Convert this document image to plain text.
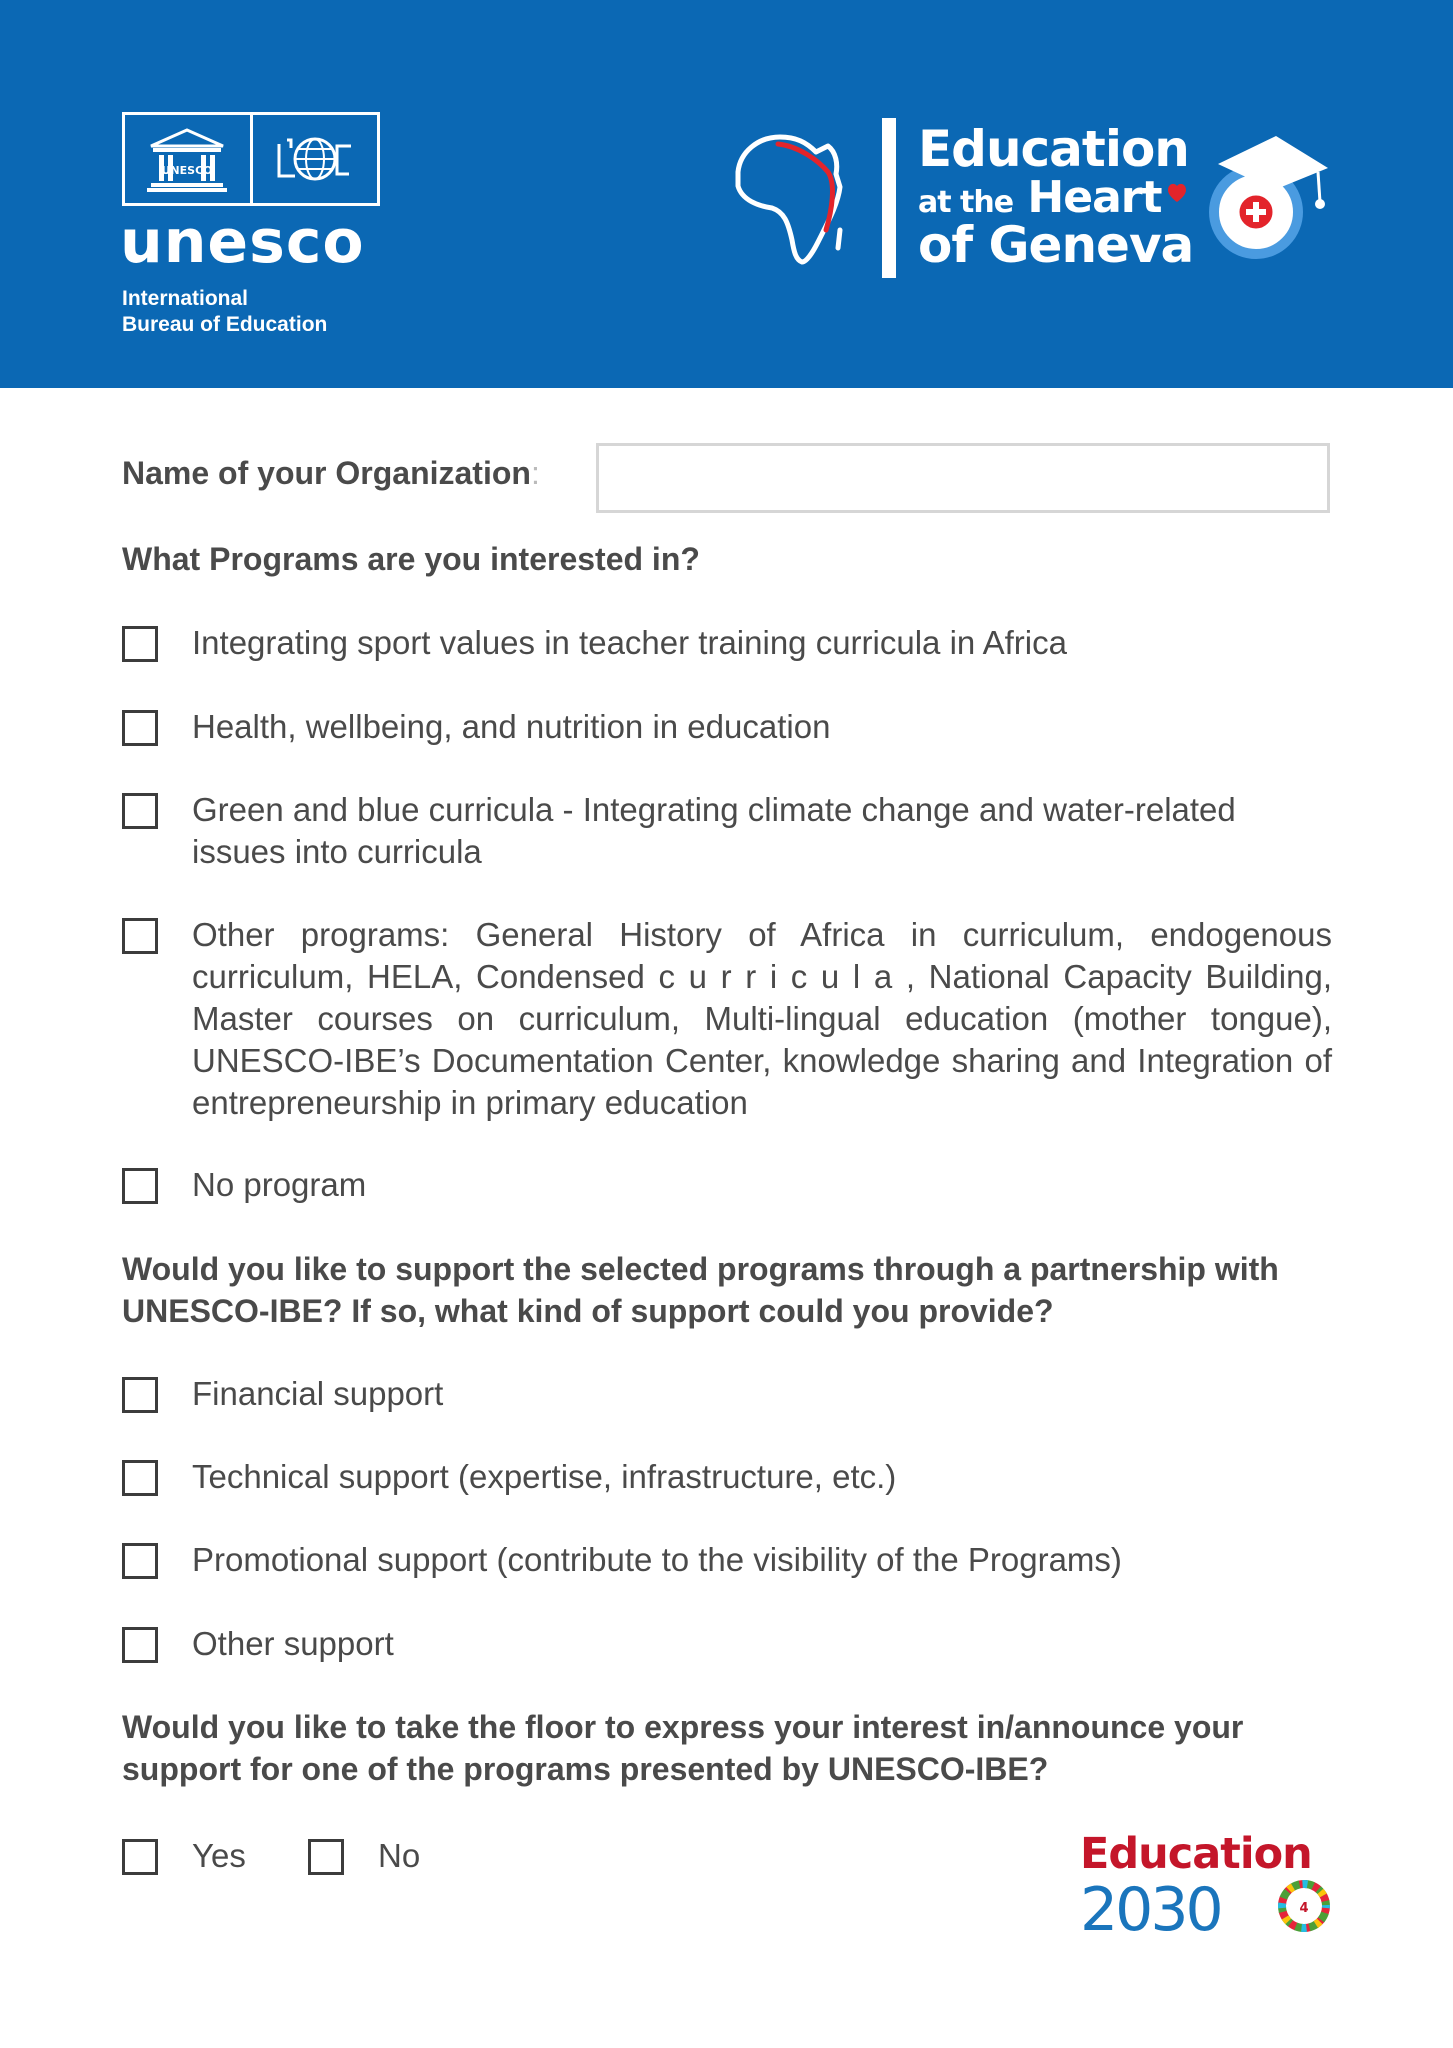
UNESCO
unesco
International
Bureau of Education
Education
at the Heart
of Geneva
Name of your Organization:
What Programs are you interested in?
Integrating sport values in teacher training curricula in Africa
Health, wellbeing, and nutrition in education
Green and blue curricula - Integrating climate change and water-related issues into curricula
Other programs: General History of Africa in curriculum, endogenous curriculum, HELA, Condensed c u r r i c u l a , National Capacity Building, Master courses on curriculum, Multi-lingual education (mother tongue), UNESCO-IBE’s Documentation Center, knowledge sharing and Integration of entrepreneurship in primary education
No program
Would you like to support the selected programs through a partnership with UNESCO-IBE? If so, what kind of support could you provide?
Financial support
Technical support (expertise, infrastructure, etc.)
Promotional support (contribute to the visibility of the Programs)
Other support
Would you like to take the floor to express your interest in/announce your support for one of the programs presented by UNESCO-IBE?
Yes	No	Education
2030	4
